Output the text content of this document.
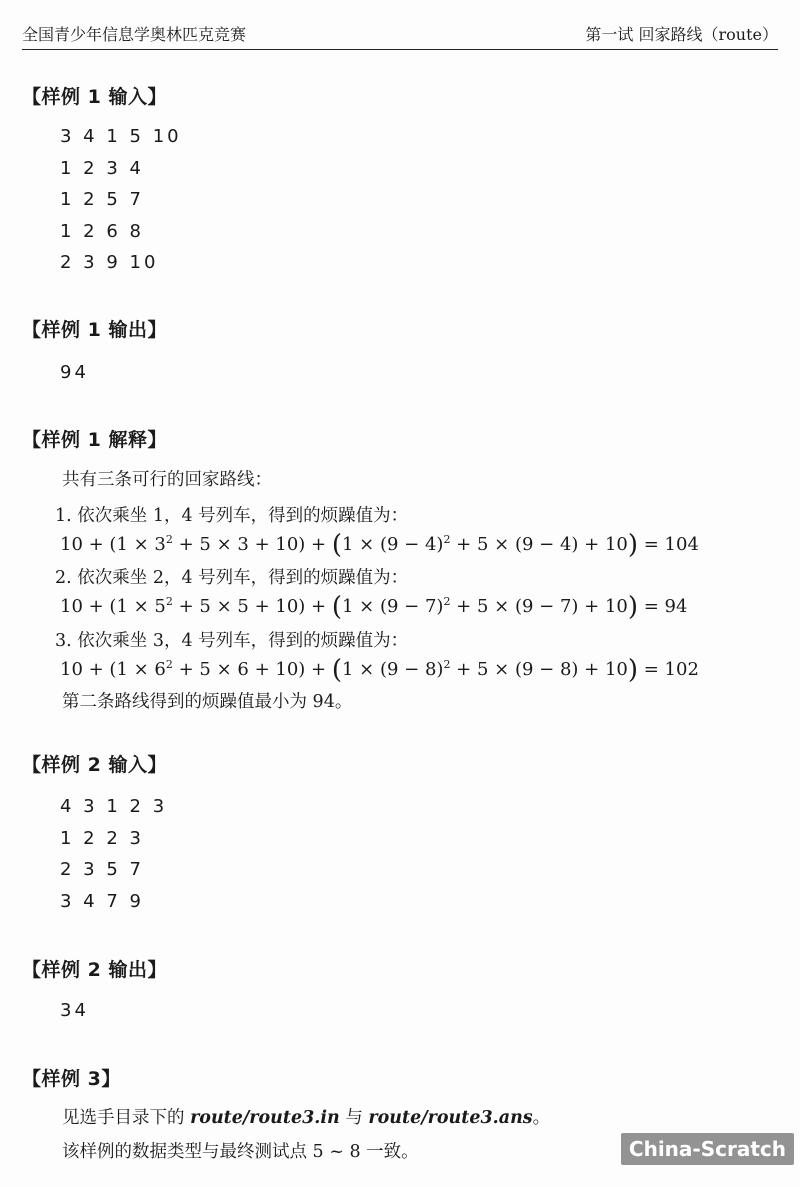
全国青少年信息学奥林匹克竞赛	第一试 回家路线（route）
【样例 1 输入】
3 4 1 5 10
1 2 3 4
1 2 5 7
1 2 6 8
2 3 9 10
【样例 1 输出】
94
【样例 1 解释】
共有三条可行的回家路线：
1. 依次乘坐 1，4 号列车，得到的烦躁值为：
$10 + (1 \times 3^2 + 5 \times 3 + 10) + (1 \times (9 - 4)^2 + 5 \times (9 - 4) + 10) = 104$
2. 依次乘坐 2，4 号列车，得到的烦躁值为：
$10 + (1 \times 5^2 + 5 \times 5 + 10) + (1 \times (9 - 7)^2 + 5 \times (9 - 7) + 10) = 94$
3. 依次乘坐 3，4 号列车，得到的烦躁值为：
$10 + (1 \times 6^2 + 5 \times 6 + 10) + (1 \times (9 - 8)^2 + 5 \times (9 - 8) + 10) = 102$
第二条路线得到的烦躁值最小为 94。
【样例 2 输入】
4 3 1 2 3
1 2 2 3
2 3 5 7
3 4 7 9
【样例 2 输出】
34
【样例 3】
见选手目录下的 route/route3.in 与 route/route3.ans。
该样例的数据类型与最终测试点 5 ~ 8 一致。	China-Scratch
